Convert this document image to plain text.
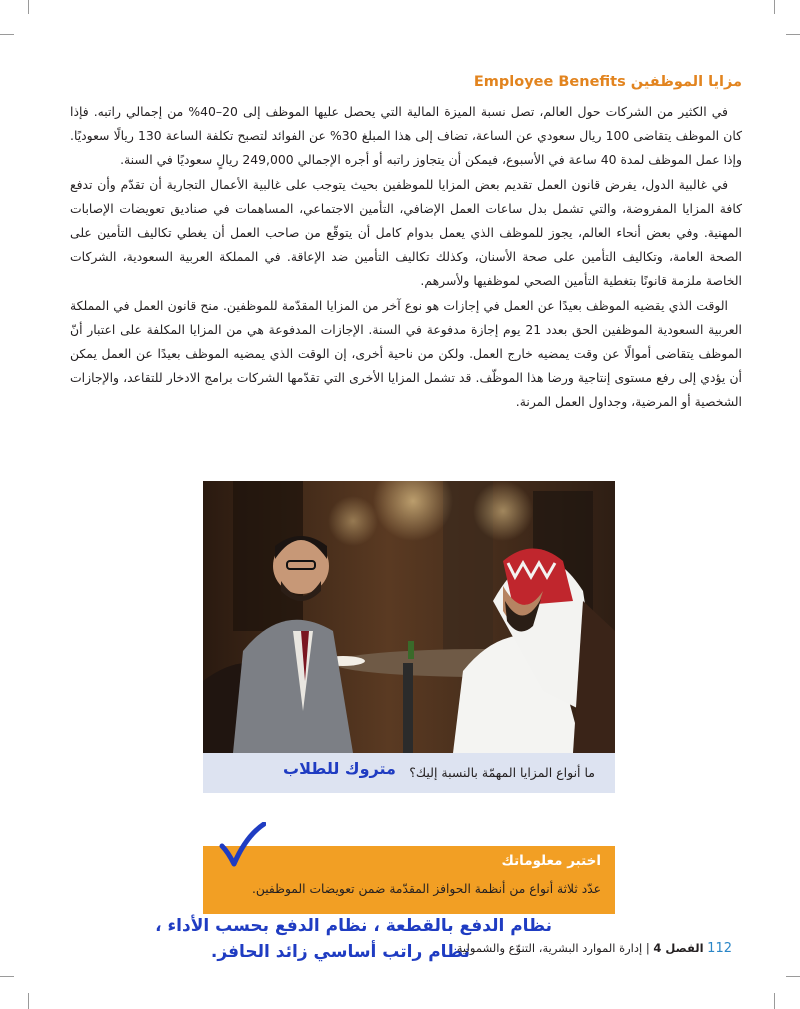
مزايا الموظفين Employee Benefits

في الكثير من الشركات حول العالم، تصل نسبة الميزة المالية التي يحصل عليها الموظف إلى 20–40% من إجمالي راتبه. فإذا كان الموظف يتقاضى 100 ريال سعودي عن الساعة، تضاف إلى هذا المبلغ 30% عن الفوائد لتصبح تكلفة الساعة 130 ريالًا سعوديًا. وإذا عمل الموظف لمدة 40 ساعة في الأسبوع، فيمكن أن يتجاوز راتبه أو أجره الإجمالي 249,000 ريالٍ سعوديًا في السنة.

في غالبية الدول، يفرض قانون العمل تقديم بعض المزايا للموظفين بحيث يتوجب على غالبية الأعمال التجارية أن تقدّم وأن تدفع كافة المزايا المفروضة، والتي تشمل بدل ساعات العمل الإضافي، التأمين الاجتماعي، المساهمات في صناديق تعويضات الإصابات المهنية. وفي بعض أنحاء العالم، يجوز للموظف الذي يعمل بدوام كامل أن يتوقّع من صاحب العمل أن يغطي تكاليف التأمين على الصحة العامة، وتكاليف التأمين على صحة الأسنان، وكذلك تكاليف التأمين ضد الإعاقة. في المملكة العربية السعودية، الشركات الخاصة ملزمة قانونًا بتغطية التأمين الصحي لموظفيها ولأسرهم.

الوقت الذي يقضيه الموظف بعيدًا عن العمل في إجازات هو نوع آخر من المزايا المقدّمة للموظفين. منح قانون العمل في المملكة العربية السعودية الموظفين الحق بعدد 21 يوم إجازة مدفوعة في السنة. الإجازات المدفوعة هي من المزايا المكلفة على اعتبار أنّ الموظف يتقاضى أموالًا عن وقت يمضيه خارج العمل. ولكن من ناحية أخرى، إن الوقت الذي يمضيه الموظف بعيدًا عن العمل يمكن أن يؤدي إلى رفع مستوى إنتاجية ورضا هذا الموظّف. قد تشمل المزايا الأخرى التي تقدّمها الشركات برامج الادخار للتقاعد، والإجازات الشخصية أو المرضية، وجداول العمل المرنة.

متروك للطلاب ما أنواع المزايا المهمّة بالنسبة إليك؟
اختبر معلوماتك
عدّد ثلاثة أنواع من أنظمة الحوافز المقدّمة ضمن تعويضات الموظفين.
نظام الدفع بالقطعة ، نظام الدفع بحسب الأداء ،
نظام راتب أساسي زائد الحافز.	112 الفصل 4 | إدارة الموارد البشرية، التنوّع والشمولية
